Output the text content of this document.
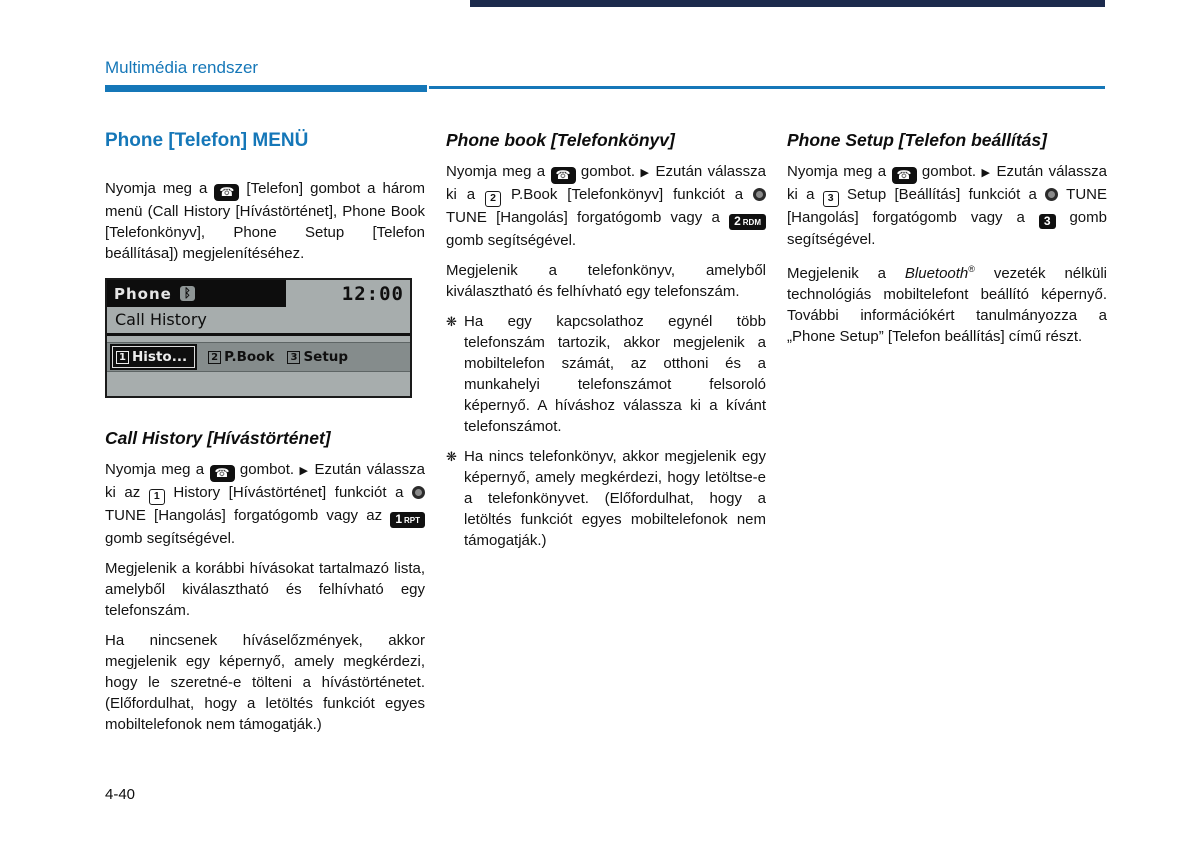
Multimédia rendszer
Phone [Telefon] MENÜ

Nyomja meg a ☎ [Telefon] gombot a három menü (Call History [Hívástörténet], Phone Book [Telefonkönyv], Phone Setup [Telefon beállítása]) megjelenítéséhez.

Phone ᛒ	12:00
Call History
1 Histo...	2 P.Book	3 Setup
Call History [Hívástörténet]

Nyomja meg a ☎ gombot. ▶ Ezután válassza ki az 1 History [Hívástörténet] funkciót a  TUNE [Hangolás] forgatógomb vagy az 1 RPT
gomb segítségével.

Megjelenik a korábbi hívásokat tartalmazó lista, amelyből kiválasztható és felhívható egy telefonszám.

Ha nincsenek híváselőzmények, akkor megjelenik egy képernyő, amely megkérdezi, hogy le szeretné-e tölteni a hívástörténetet. (Előfordulhat, hogy a letöltés funkciót egyes mobiltelefonok nem támogatják.)

Phone book [Telefonkönyv]

Nyomja meg a ☎ gombot. ▶ Ezután válassza ki a 2 P.Book [Telefonkönyv] funkciót a  TUNE [Hangolás] forgatógomb vagy a 2 RDM
gomb segítségével.

Megjelenik a telefonkönyv, amelyből kiválasztható és felhívható egy telefonszám.

❋ Ha egy kapcsolathoz egynél több telefonszám tartozik, akkor megjelenik a mobiltelefon számát, az otthoni és a munkahelyi telefonszámot felsoroló képernyő. A híváshoz válassza ki a kívánt telefonszámot.
❋ Ha nincs telefonkönyv, akkor megjelenik egy képernyő, amely megkérdezi, hogy letöltse-e a telefonkönyvet. (Előfordulhat, hogy a letöltés funkciót egyes mobiltelefonok nem támogatják.)
Phone Setup [Telefon beállítás]

Nyomja meg a ☎ gombot. ▶ Ezután válassza ki a 3 Setup [Beállítás] funkciót a  TUNE [Hangolás] forgatógomb vagy a 3 gomb segítségével.

Megjelenik a Bluetooth® vezeték nélküli technológiás mobiltelefont beállító képernyő. További információkért tanulmányozza a „Phone Setup” [Telefon beállítás] című részt.

4-40
